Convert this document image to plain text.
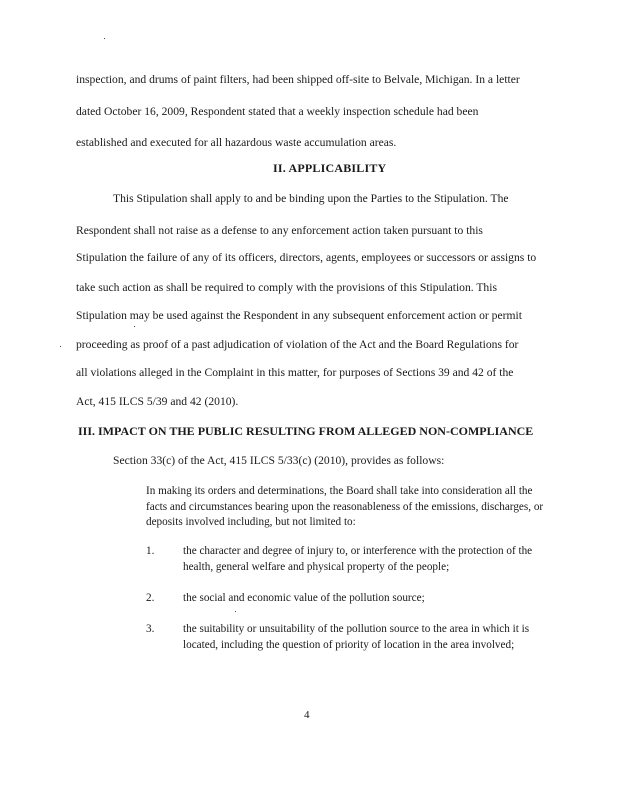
inspection, and drums of paint filters, had been shipped off-site to Belvale, Michigan. In a letter
dated October 16, 2009, Respondent stated that a weekly inspection schedule had been
established and executed for all hazardous waste accumulation areas.
II. APPLICABILITY
This Stipulation shall apply to and be binding upon the Parties to the Stipulation. The
Respondent shall not raise as a defense to any enforcement action taken pursuant to this
Stipulation the failure of any of its officers, directors, agents, employees or successors or assigns to
take such action as shall be required to comply with the provisions of this Stipulation. This
Stipulation may be used against the Respondent in any subsequent enforcement action or permit
proceeding as proof of a past adjudication of violation of the Act and the Board Regulations for
all violations alleged in the Complaint in this matter, for purposes of Sections 39 and 42 of the
Act, 415 ILCS 5/39 and 42 (2010).
III. IMPACT ON THE PUBLIC RESULTING FROM ALLEGED NON-COMPLIANCE
Section 33(c) of the Act, 415 ILCS 5/33(c) (2010), provides as follows:
In making its orders and determinations, the Board shall take into consideration all the facts and circumstances bearing upon the reasonableness of the emissions, discharges, or deposits involved including, but not limited to:
1.	the character and degree of injury to, or interference with the protection of the health, general welfare and physical property of the people;
2.	the social and economic value of the pollution source;
3.	the suitability or unsuitability of the pollution source to the area in which it is located, including the question of priority of location in the area involved;
4
